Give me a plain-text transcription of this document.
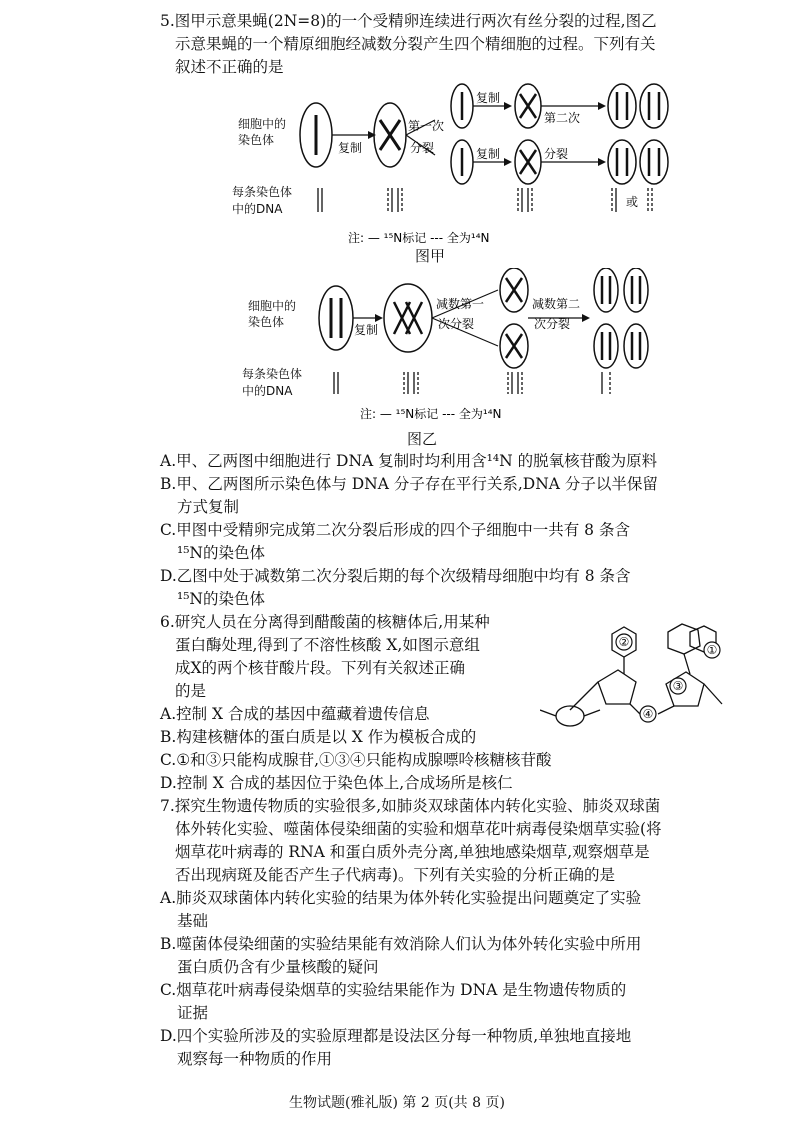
5.图甲示意果蝇(2N=8)的一个受精卵连续进行两次有丝分裂的过程,图乙
示意果蝇的一个精原细胞经减数分裂产生四个精细胞的过程。下列有关
叙述不正确的是
细胞中的
染色体
每条染色体
中的DNA
复制
第一次
分裂
复制
复制
第二次
分裂
或
注: — ¹⁵N标记 --- 全为¹⁴N
图甲
细胞中的
染色体
每条染色体
中的DNA
复制
减数第一
次分裂
减数第二
次分裂
注: — ¹⁵N标记 --- 全为¹⁴N
图乙
A.甲、乙两图中细胞进行 DNA 复制时均利用含¹⁴N 的脱氧核苷酸为原料
B.甲、乙两图所示染色体与 DNA 分子存在平行关系,DNA 分子以半保留
方式复制
C.甲图中受精卵完成第二次分裂后形成的四个子细胞中一共有 8 条含
¹⁵N的染色体
D.乙图中处于减数第二次分裂后期的每个次级精母细胞中均有 8 条含
¹⁵N的染色体
6.研究人员在分离得到醋酸菌的核糖体后,用某种
蛋白酶处理,得到了不溶性核酸 X,如图示意组
成X的两个核苷酸片段。下列有关叙述正确
的是
A.控制 X 合成的基因中蕴藏着遗传信息
B.构建核糖体的蛋白质是以 X 作为模板合成的
C.①和③只能构成腺苷,①③④只能构成腺嘌呤核糖核苷酸
D.控制 X 合成的基因位于染色体上,合成场所是核仁
②
①
③
④
7.探究生物遗传物质的实验很多,如肺炎双球菌体内转化实验、肺炎双球菌
体外转化实验、噬菌体侵染细菌的实验和烟草花叶病毒侵染烟草实验(将
烟草花叶病毒的 RNA 和蛋白质外壳分离,单独地感染烟草,观察烟草是
否出现病斑及能否产生子代病毒)。下列有关实验的分析正确的是
A.肺炎双球菌体内转化实验的结果为体外转化实验提出问题奠定了实验
基础
B.噬菌体侵染细菌的实验结果能有效消除人们认为体外转化实验中所用
蛋白质仍含有少量核酸的疑问
C.烟草花叶病毒侵染烟草的实验结果能作为 DNA 是生物遗传物质的
证据
D.四个实验所涉及的实验原理都是设法区分每一种物质,单独地直接地
观察每一种物质的作用
生物试题(雅礼版) 第 2 页(共 8 页)
